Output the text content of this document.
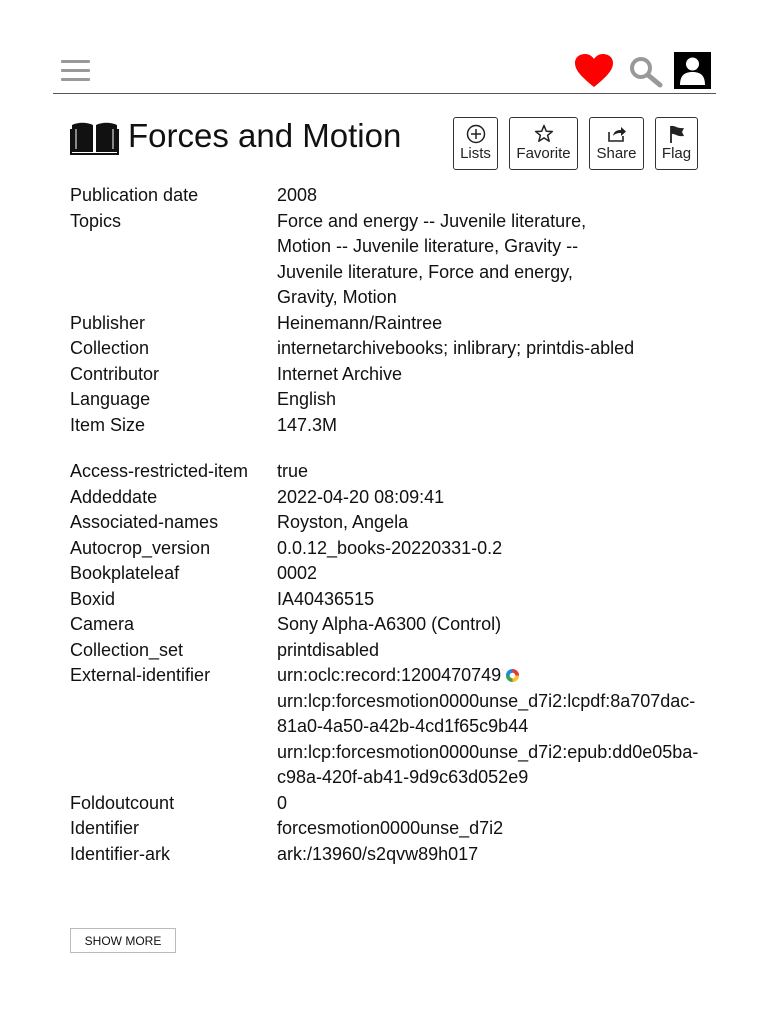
Forces and Motion	Lists	Favorite	Share	Flag
Publication date	2008
Topics	Force and energy -- Juvenile literature, Motion -- Juvenile literature, Gravity -- Juvenile literature, Force and energy, Gravity, Motion
Publisher	Heinemann/Raintree
Collection	internetarchivebooks; inlibrary; printdis-abled
Contributor	Internet Archive
Language	English
Item Size	147.3M
Access-restricted-item	true
Addeddate	2022-04-20 08:09:41
Associated-names	Royston, Angela
Autocrop_version	0.0.12_books-20220331-0.2
Bookplateleaf	0002
Boxid	IA40436515
Camera	Sony Alpha-A6300 (Control)
Collection_set	printdisabled
External-identifier	urn:oclc:record:1200470749
urn:lcp:forcesmotion0000unse_d7i2:lcpdf:8a707dac-81a0-4a50-a42b-4cd1f65c9b44
urn:lcp:forcesmotion0000unse_d7i2:epub:dd0e05ba-c98a-420f-ab41-9d9c63d052e9
Foldoutcount	0
Identifier	forcesmotion0000unse_d7i2
Identifier-ark	ark:/13960/s2qvw89h017
SHOW MORE
